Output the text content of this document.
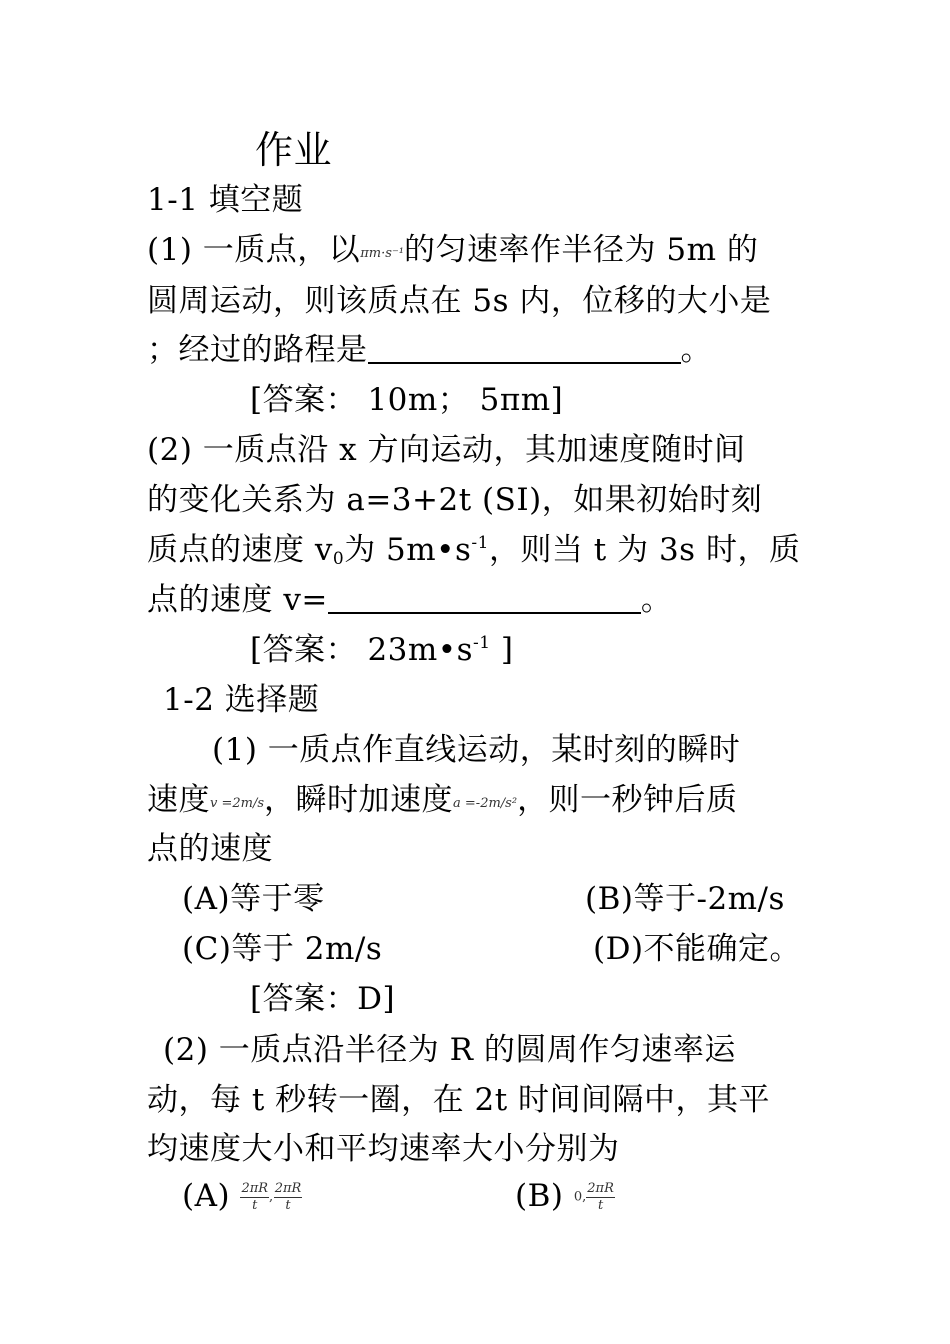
作业
1-1 填空题
(1) 一质点，以πm·s⁻¹的匀速率作半径为 5m 的
圆周运动，则该质点在 5s 内，位移的大小是
；经过的路程是	。
[答案： 10m； 5πm]
(2) 一质点沿 x 方向运动，其加速度随时间
的变化关系为 a=3+2t (SI)，如果初始时刻
质点的速度 $v_0$为 $5m•s^{-1}$，则当 t 为 3s 时，质
点的速度 v=	。
[答案： $23m•s^{-1}$ ]
1-2 选择题
(1) 一质点作直线运动，某时刻的瞬时
速度v =2m/s，瞬时加速度a =-2m/s²，则一秒钟后质
点的速度
(A)等于零	(B)等于-2m/s
(C)等于 2m/s	(D)不能确定。
[答案：D]
(2) 一质点沿半径为 R 的圆周作匀速率运
动，每 t 秒转一圈，在 2t 时间间隔中，其平
均速度大小和平均速率大小分别为
$(A) \frac{2\pi R}{t}$ , $\frac{2\pi R}{t}$	(B) 0, $\frac{2\pi R}{t}$
